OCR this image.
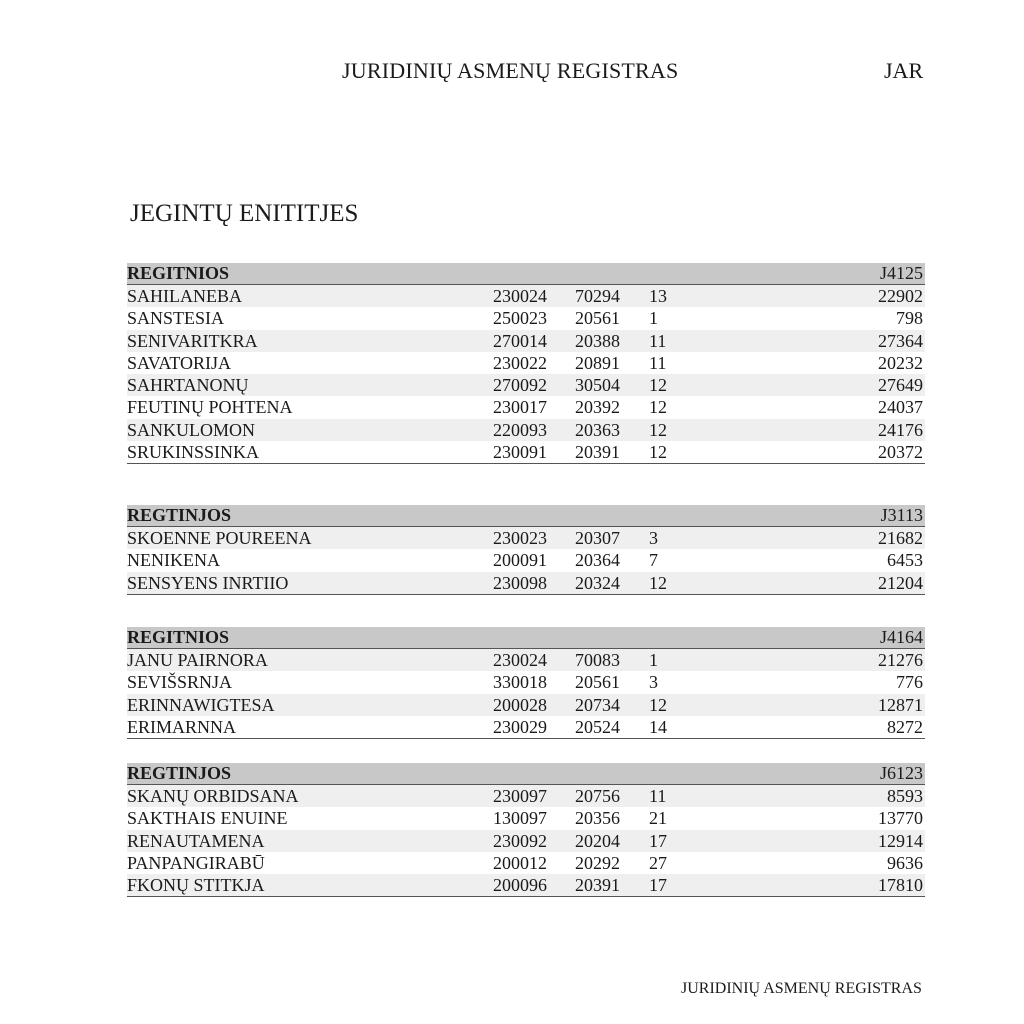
JURIDINIŲ ASMENŲ REGISTRAS	JAR
JEGINTŲ ENITITJES
REGITNIOS	J4125
SAHILANEBA	230024 70294 13	22902
SANSTESIA	250023 20561 1	798
SENIVARITKRA	270014 20388 11	27364
SAVATORIJA	230022 20891 11	20232
SAHRTANONŲ	270092 30504 12	27649
FEUTINŲ POHTENA	230017 20392 12	24037
SANKULOMON	220093 20363 12	24176
SRUKINSSINKA	230091 20391 12	20372
REGTINJOS	J3113
SKOENNE POUREENA	230023 20307 3	21682
NENIKENA	200091 20364 7	6453
SENSYENS INRTIIO	230098 20324 12	21204
REGITNIOS	J4164
JANU PAIRNORA	230024 70083 1	21276
SEVIŠSRNJA	330018 20561 3	776
ERINNAWIGTESA	200028 20734 12	12871
ERIMARNNA	230029 20524 14	8272
REGTINJOS	J6123
SKANŲ ORBIDSANA	230097 20756 11	8593
SAKTHAIS ENUINE	130097 20356 21	13770
RENAUTAMENA	230092 20204 17	12914
PANPANGIRABŪ	200012 20292 27	9636
FKONŲ STITKJA	200096 20391 17	17810
JURIDINIŲ ASMENŲ REGISTRAS
